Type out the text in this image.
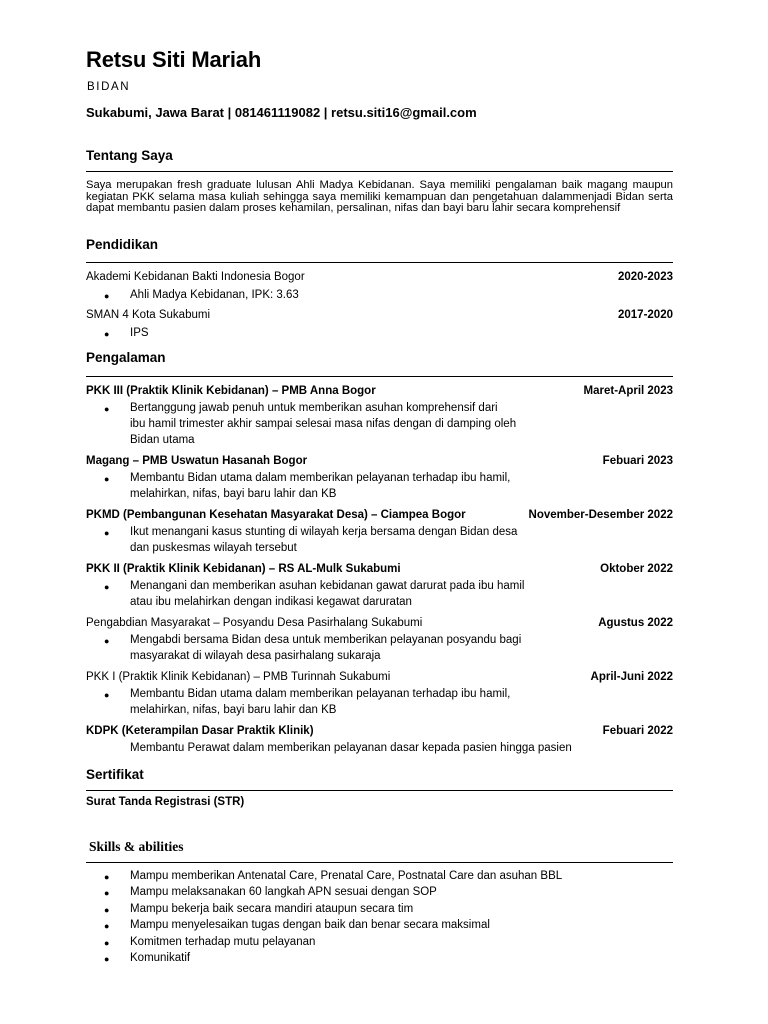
Retsu Siti Mariah
BIDAN
Sukabumi, Jawa Barat | 081461119082 | retsu.siti16@gmail.com
Tentang Saya
Saya merupakan fresh graduate lulusan Ahli Madya Kebidanan. Saya memiliki pengalaman baik magang maupun kegiatan PKK selama masa kuliah sehingga saya memiliki kemampuan dan pengetahuan dalammenjadi Bidan serta dapat membantu pasien dalam proses kehamilan, persalinan, nifas dan bayi baru lahir secara komprehensif
Pendidikan
Akademi Kebidanan Bakti Indonesia Bogor	2020-2023
● Ahli Madya Kebidanan, IPK: 3.63
SMAN 4 Kota Sukabumi	2017-2020
● IPS
Pengalaman
PKK III (Praktik Klinik Kebidanan) – PMB Anna Bogor	Maret-April 2023
● Bertanggung jawab penuh untuk memberikan asuhan komprehensif dari
ibu hamil trimester akhir sampai selesai masa nifas dengan di damping oleh
Bidan utama
Magang – PMB Uswatun Hasanah Bogor	Febuari 2023
● Membantu Bidan utama dalam memberikan pelayanan terhadap ibu hamil,
melahirkan, nifas, bayi baru lahir dan KB
PKMD (Pembangunan Kesehatan Masyarakat Desa) – Ciampea Bogor	November-Desember 2022
● Ikut menangani kasus stunting di wilayah kerja bersama dengan Bidan desa
dan puskesmas wilayah tersebut
PKK II (Praktik Klinik Kebidanan) – RS AL-Mulk Sukabumi	Oktober 2022
● Menangani dan memberikan asuhan kebidanan gawat darurat pada ibu hamil
atau ibu melahirkan dengan indikasi kegawat daruratan
Pengabdian Masyarakat – Posyandu Desa Pasirhalang Sukabumi	Agustus 2022
● Mengabdi bersama Bidan desa untuk memberikan pelayanan posyandu bagi
masyarakat di wilayah desa pasirhalang sukaraja
PKK I (Praktik Klinik Kebidanan) – PMB Turinnah Sukabumi	April-Juni 2022
● Membantu Bidan utama dalam memberikan pelayanan terhadap ibu hamil,
melahirkan, nifas, bayi baru lahir dan KB
KDPK (Keterampilan Dasar Praktik Klinik)	Febuari 2022
Membantu Perawat dalam memberikan pelayanan dasar kepada pasien hingga pasien
Sertifikat
Surat Tanda Registrasi (STR)
Skills & abilities
● Mampu memberikan Antenatal Care, Prenatal Care, Postnatal Care dan asuhan BBL
● Mampu melaksanakan 60 langkah APN sesuai dengan SOP
● Mampu bekerja baik secara mandiri ataupun secara tim
● Mampu menyelesaikan tugas dengan baik dan benar secara maksimal
● Komitmen terhadap mutu pelayanan
● Komunikatif
